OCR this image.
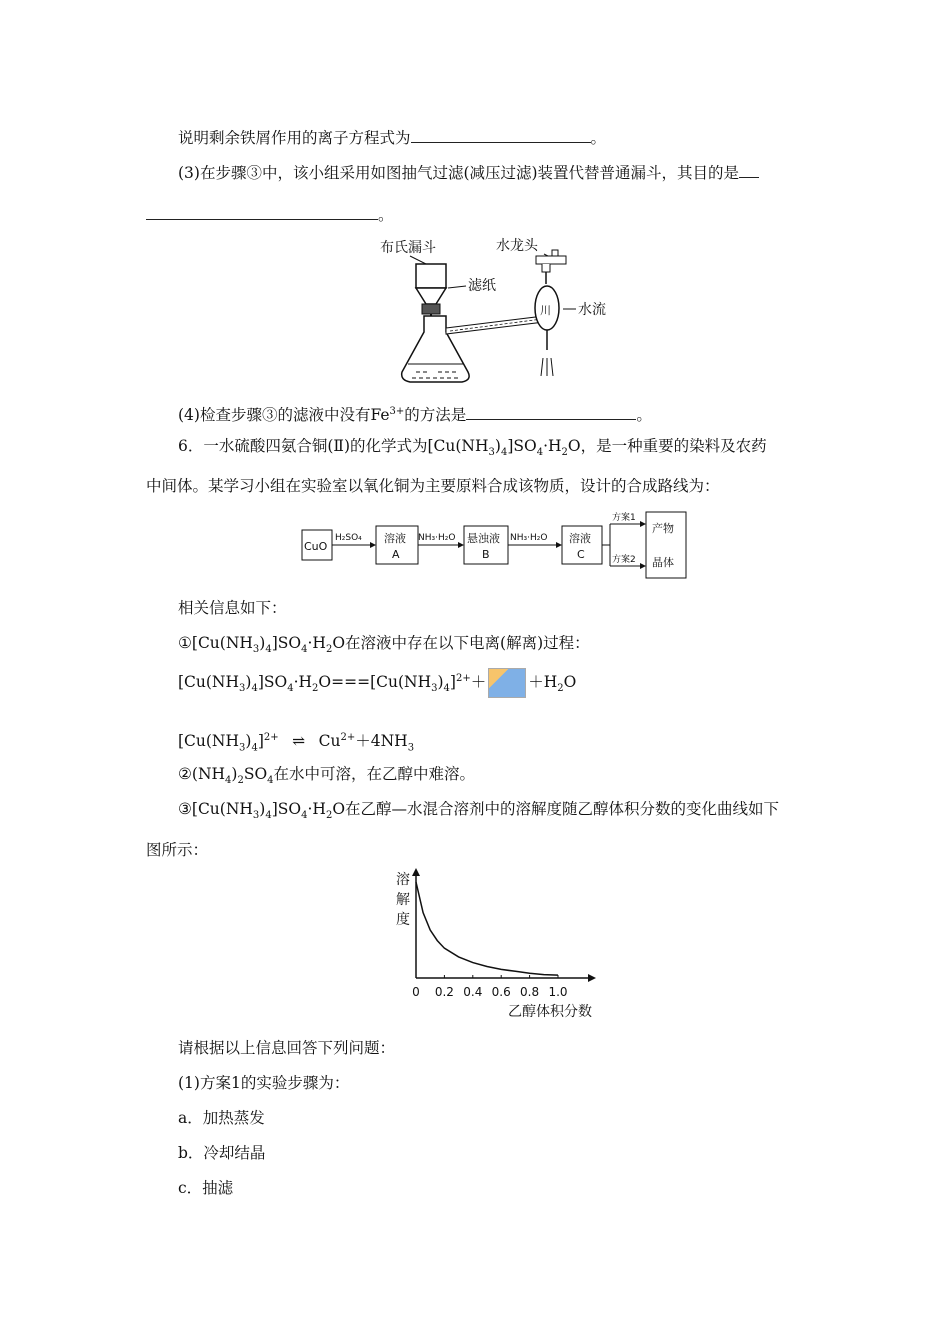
说明剩余铁屑作用的离子方程式为	。
(3)在步骤③中，该小组采用如图抽气过滤(减压过滤)装置代替普通漏斗，其目的是
。
布氏漏斗
滤纸
水龙头
水流
川
(4)检查步骤③的滤液中没有$Fe^{3+}$的方法是	。
6．一水硫酸四氨合铜(Ⅱ)的化学式为$[Cu(NH_3)_4]SO_4\cdot H_2O$，是一种重要的染料及农药
中间体。某学习小组在实验室以氧化铜为主要原料合成该物质，设计的合成路线为：
CuO
H₂SO₄ 溶液
A
NH₃·H₂O 悬浊液
B
NH₃·H₂O 溶液
C
方案1
方案2
产物
晶体
相关信息如下：
$①[Cu(NH_3)_4]SO_4\cdot H_2O$在溶液中存在以下电离(解离)过程：
$[Cu(NH_3)_4]SO_4\cdot H_2O===[Cu(NH_3)_4]^{2+}+$	$+H_2O$
$[Cu(NH_3)_4]^{2+}$ ⇌ $Cu^{2+}+4NH_3$
$②(NH_4)_2SO_4$在水中可溶，在乙醇中难溶。
$③[Cu(NH_3)_4]SO_4\cdot H_2O$在乙醇—水混合溶剂中的溶解度随乙醇体积分数的变化曲线如下
图所示：
溶
解
度
0 0.2 0.4 0.6 0.8 1.0
乙醇体积分数
请根据以上信息回答下列问题：
(1)方案1的实验步骤为：
a．加热蒸发
b．冷却结晶
c．抽滤
